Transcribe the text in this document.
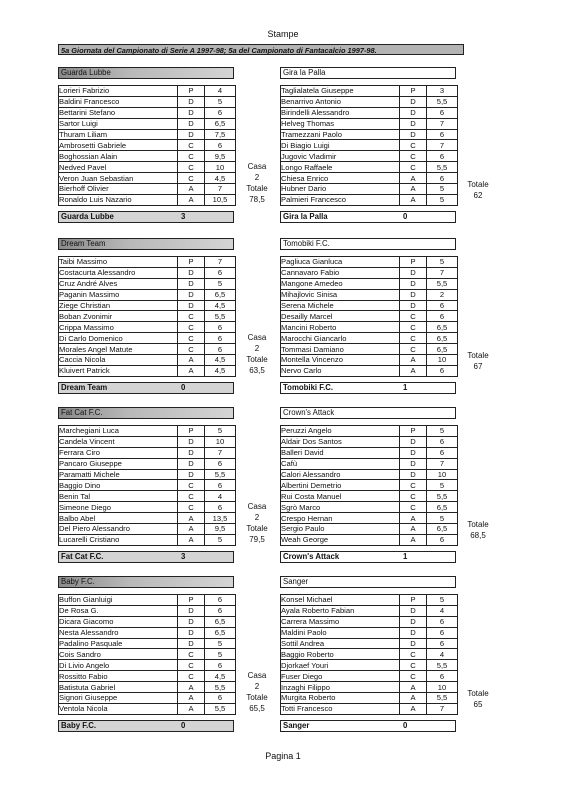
Stampe
5a Giornata del Campionato di Serie A 1997-98; 5a del Campionato di Fantacalcio 1997-98.
Guarda Lubbe
Lorieri Fabrizio	P	4
Baldini Francesco	D	5
Bettarini Stefano	D	6
Sartor Luigi	D	6,5
Thuram Liliam	D	7,5
Ambrosetti Gabriele	C	6
Boghossian Alain	C	9,5
Nedved Pavel	C	10
Veron Juan Sebastian	C	4,5
Bierhoff Olivier	A	7
Ronaldo Luis Nazario	A	10,5
Guarda Lubbe	3
Casa
2
Totale
78,5
Gira la Palla
Taglialatela Giuseppe	P	3
Benarrivo Antonio	D	5,5
Birindelli Alessandro	D	6
Helveg Thomas	D	7
Tramezzani Paolo	D	6
Di Biagio Luigi	C	7
Jugovic Vladimir	C	6
Longo Raffaele	C	5,5
Chiesa Enrico	A	6
Hubner Dario	A	5
Palmieri Francesco	A	5
Gira la Palla	0
Totale
62
Dream Team
Taibi Massimo	P	7
Costacurta Alessandro	D	6
Cruz André Alves	D	5
Paganin Massimo	D	6,5
Ziege Christian	D	4,5
Boban Zvonimir	C	5,5
Crippa Massimo	C	6
Di Carlo Domenico	C	6
Morales Angel Matute	C	6
Caccia Nicola	A	4,5
Kluivert Patrick	A	4,5
Dream Team	0
Casa
2
Totale
63,5
Tomobiki F.C.
Pagliuca Gianluca	P	5
Cannavaro Fabio	D	7
Mangone Amedeo	D	5,5
Mihajlovic Sinisa	D	2
Serena Michele	D	6
Desailly Marcel	C	6
Mancini Roberto	C	6,5
Marocchi Giancarlo	C	6,5
Tommasi Damiano	C	6,5
Montella Vincenzo	A	10
Nervo Carlo	A	6
Tomobiki F.C.	1
Totale
67
Fat Cat F.C.
Marchegiani Luca	P	5
Candela Vincent	D	10
Ferrara Ciro	D	7
Pancaro Giuseppe	D	6
Paramatti Michele	D	5,5
Baggio Dino	C	6
Benin Tal	C	4
Simeone Diego	C	6
Balbo Abel	A	13,5
Del Piero Alessandro	A	9,5
Lucarelli Cristiano	A	5
Fat Cat F.C.	3
Casa
2
Totale
79,5
Crown's Attack
Peruzzi Angelo	P	5
Aldair Dos Santos	D	6
Balleri David	D	6
Cafù	D	7
Calori Alessandro	D	10
Albertini Demetrio	C	5
Rui Costa Manuel	C	5,5
Sgrò Marco	C	6,5
Crespo Hernan	A	5
Sergio Paulo	A	6,5
Weah George	A	6
Crown's Attack	1
Totale
68,5
Baby F.C.
Buffon Gianluigi	P	6
De Rosa G.	D	6
Dicara Giacomo	D	6,5
Nesta Alessandro	D	6,5
Padalino Pasquale	D	5
Cois Sandro	C	5
Di Livio Angelo	C	6
Rossitto Fabio	C	4,5
Batistuta Gabriel	A	5,5
Signori Giuseppe	A	6
Ventola Nicola	A	5,5
Baby F.C.	0
Casa
2
Totale
65,5
Sanger
Konsel Michael	P	5
Ayala Roberto Fabian	D	4
Carrera Massimo	D	6
Maldini Paolo	D	6
Sottil Andrea	D	6
Baggio Roberto	C	4
Djorkaef Youri	C	5,5
Fuser Diego	C	6
Inzaghi Filippo	A	10
Murgita Roberto	A	5,5
Totti Francesco	A	7
Sanger	0
Totale
65
Pagina 1
